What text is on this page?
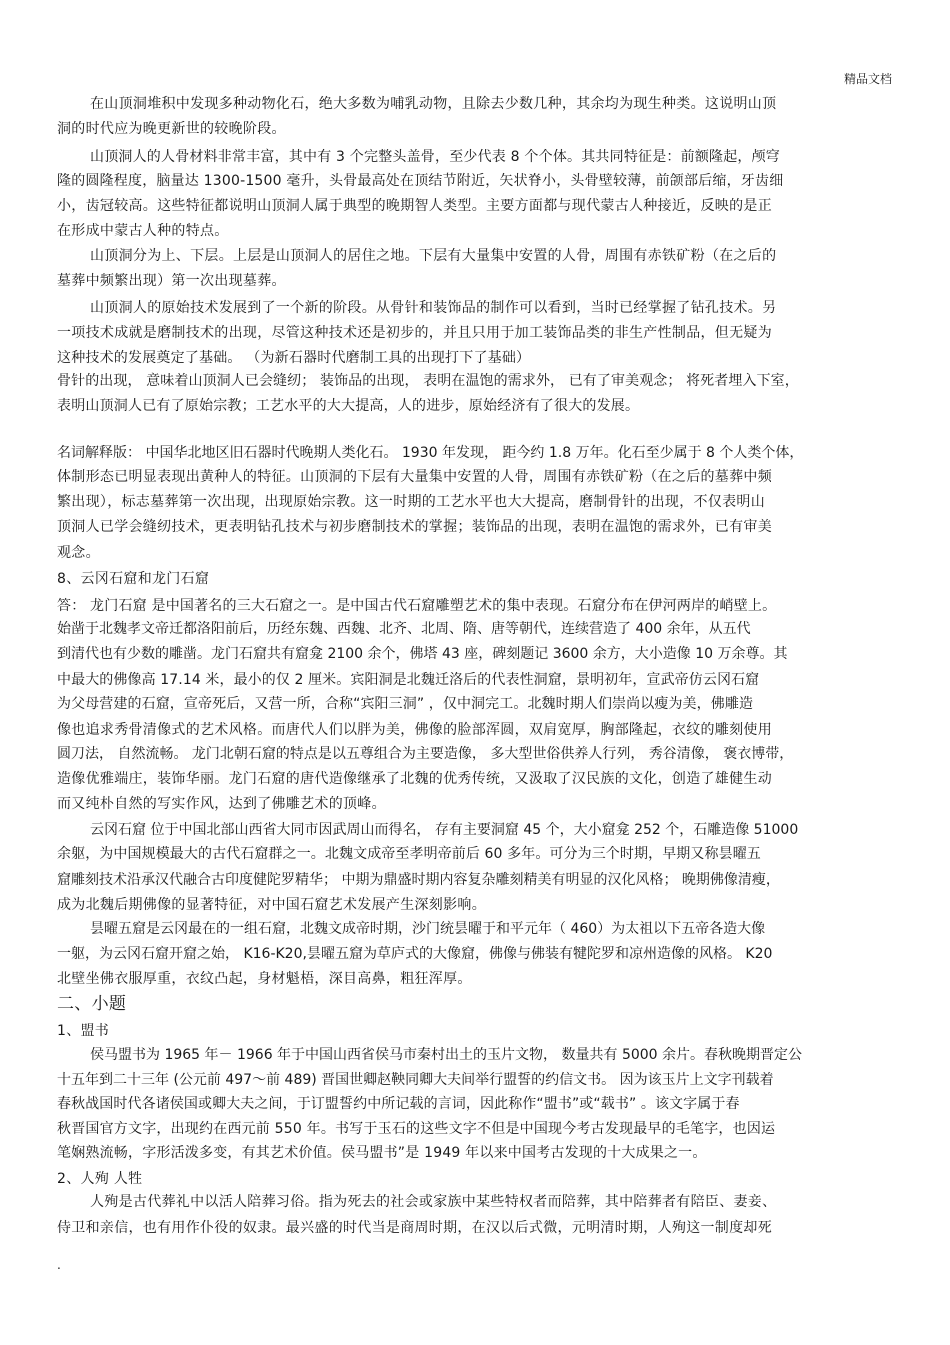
精品文档
在山顶洞堆积中发现多种动物化石，绝大多数为哺乳动物，且除去少数几种，其余均为现生种类。这说明山顶
洞的时代应为晚更新世的较晚阶段。
山顶洞人的人骨材料非常丰富，其中有 3 个完整头盖骨，至少代表 8 个个体。其共同特征是：前额隆起，颅穹
隆的圆隆程度，脑量达 1300-1500 毫升，头骨最高处在顶结节附近，矢状脊小，头骨壁较薄，前颌部后缩，牙齿细
小，齿冠较高。这些特征都说明山顶洞人属于典型的晚期智人类型。主要方面都与现代蒙古人种接近，反映的是正
在形成中蒙古人种的特点。
山顶洞分为上、下层。上层是山顶洞人的居住之地。下层有大量集中安置的人骨，周围有赤铁矿粉（在之后的
墓葬中频繁出现）第一次出现墓葬。
山顶洞人的原始技术发展到了一个新的阶段。从骨针和装饰品的制作可以看到，当时已经掌握了钻孔技术。另
一项技术成就是磨制技术的出现，尽管这种技术还是初步的，并且只用于加工装饰品类的非生产性制品，但无疑为
这种技术的发展奠定了基础。 （为新石器时代磨制工具的出现打下了基础）
骨针的出现， 意味着山顶洞人已会缝纫； 装饰品的出现， 表明在温饱的需求外， 已有了审美观念； 将死者埋入下室，
表明山顶洞人已有了原始宗教；工艺水平的大大提高，人的进步，原始经济有了很大的发展。
名词解释版： 中国华北地区旧石器时代晚期人类化石。 1930 年发现， 距今约 1.8 万年。化石至少属于 8 个人类个体，
体制形态已明显表现出黄种人的特征。山顶洞的下层有大量集中安置的人骨，周围有赤铁矿粉（在之后的墓葬中频
繁出现），标志墓葬第一次出现，出现原始宗教。这一时期的工艺水平也大大提高，磨制骨针的出现，不仅表明山
顶洞人已学会缝纫技术，更表明钻孔技术与初步磨制技术的掌握；装饰品的出现，表明在温饱的需求外，已有审美
观念。
8、云冈石窟和龙门石窟
答： 龙门石窟 是中国著名的三大石窟之一。是中国古代石窟雕塑艺术的集中表现。石窟分布在伊河两岸的峭壁上。
始凿于北魏孝文帝迁都洛阳前后，历经东魏、西魏、北齐、北周、隋、唐等朝代，连续营造了 400 余年，从五代
到清代也有少数的雕凿。龙门石窟共有窟龛 2100 余个，佛塔 43 座，碑刻题记 3600 余方，大小造像 10 万余尊。其
中最大的佛像高 17.14 米，最小的仅 2 厘米。宾阳洞是北魏迁洛后的代表性洞窟，景明初年，宣武帝仿云冈石窟
为父母营建的石窟，宣帝死后，又营一所，合称“宾阳三洞” ，仅中洞完工。北魏时期人们崇尚以瘦为美，佛雕造
像也追求秀骨清像式的艺术风格。而唐代人们以胖为美，佛像的脸部浑圆，双肩宽厚，胸部隆起，衣纹的雕刻使用
圆刀法， 自然流畅。 龙门北朝石窟的特点是以五尊组合为主要造像， 多大型世俗供养人行列， 秀谷清像， 褒衣博带，
造像优雅端庄，装饰华丽。龙门石窟的唐代造像继承了北魏的优秀传统，又汲取了汉民族的文化，创造了雄健生动
而又纯朴自然的写实作风，达到了佛雕艺术的顶峰。
云冈石窟 位于中国北部山西省大同市因武周山而得名， 存有主要洞窟 45 个，大小窟龛 252 个，石雕造像 51000
余躯，为中国规模最大的古代石窟群之一。北魏文成帝至孝明帝前后 60 多年。可分为三个时期，早期又称昙曜五
窟雕刻技术沿承汉代融合古印度健陀罗精华； 中期为鼎盛时期内容复杂雕刻精美有明显的汉化风格； 晚期佛像清瘦，
成为北魏后期佛像的显著特征，对中国石窟艺术发展产生深刻影响。
昙曜五窟是云冈最在的一组石窟，北魏文成帝时期，沙门统昙曜于和平元年（ 460）为太祖以下五帝各造大像
一躯，为云冈石窟开窟之始， K16-K20,昙曜五窟为草庐式的大像窟，佛像与佛装有犍陀罗和凉州造像的风格。 K20
北壁坐佛衣服厚重，衣纹凸起，身材魁梧，深目高鼻，粗狂浑厚。
二、小题
1、盟书
侯马盟书为 1965 年－ 1966 年于中国山西省侯马市秦村出土的玉片文物， 数量共有 5000 余片。春秋晚期晋定公
十五年到二十三年 (公元前 497～前 489) 晋国世卿赵鞅同卿大夫间举行盟誓的约信文书。 因为该玉片上文字刊载着
春秋战国时代各诸侯国或卿大夫之间，于订盟誓约中所记载的言词，因此称作“盟书”或“载书” 。该文字属于春
秋晋国官方文字，出现约在西元前 550 年。书写于玉石的这些文字不但是中国现今考古发现最早的毛笔字，也因运
笔娴熟流畅，字形活泼多变，有其艺术价值。侯马盟书”是 1949 年以来中国考古发现的十大成果之一。
2、人殉 人牲
人殉是古代葬礼中以活人陪葬习俗。指为死去的社会或家族中某些特权者而陪葬，其中陪葬者有陪臣、妻妾、
侍卫和亲信，也有用作仆役的奴隶。最兴盛的时代当是商周时期，在汉以后式微，元明清时期，人殉这一制度却死
.
